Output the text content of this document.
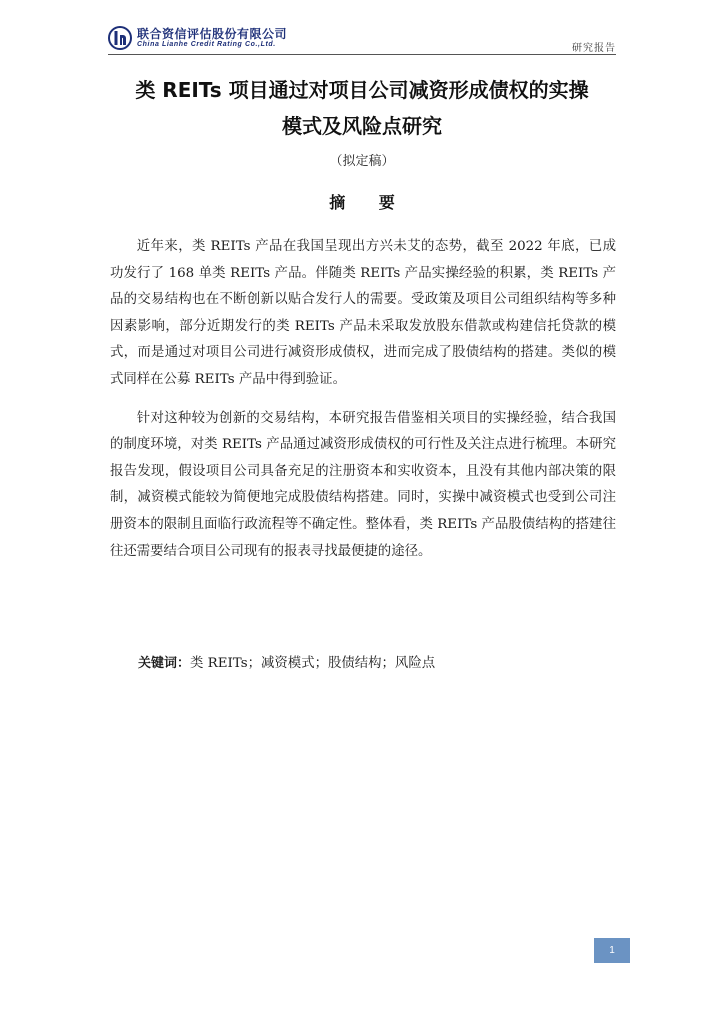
联合资信评估股份有限公司
China Lianhe Credit Rating Co.,Ltd.	研究报告
类 REITs 项目通过对项目公司减资形成债权的实操
模式及风险点研究
（拟定稿）
摘 要

近年来，类 REITs 产品在我国呈现出方兴未艾的态势，截至 2022 年底，已成功发行了 168 单类 REITs 产品。伴随类 REITs 产品实操经验的积累，类 REITs 产品的交易结构也在不断创新以贴合发行人的需要。受政策及项目公司组织结构等多种因素影响，部分近期发行的类 REITs 产品未采取发放股东借款或构建信托贷款的模式，而是通过对项目公司进行减资形成债权，进而完成了股债结构的搭建。类似的模式同样在公募 REITs 产品中得到验证。

针对这种较为创新的交易结构，本研究报告借鉴相关项目的实操经验，结合我国的制度环境，对类 REITs 产品通过减资形成债权的可行性及关注点进行梳理。本研究报告发现，假设项目公司具备充足的注册资本和实收资本，且没有其他内部决策的限制，减资模式能较为简便地完成股债结构搭建。同时，实操中减资模式也受到公司注册资本的限制且面临行政流程等不确定性。整体看，类 REITs 产品股债结构的搭建往往还需要结合项目公司现有的报表寻找最便捷的途径。

关键词：类 REITs；减资模式；股债结构；风险点
1
